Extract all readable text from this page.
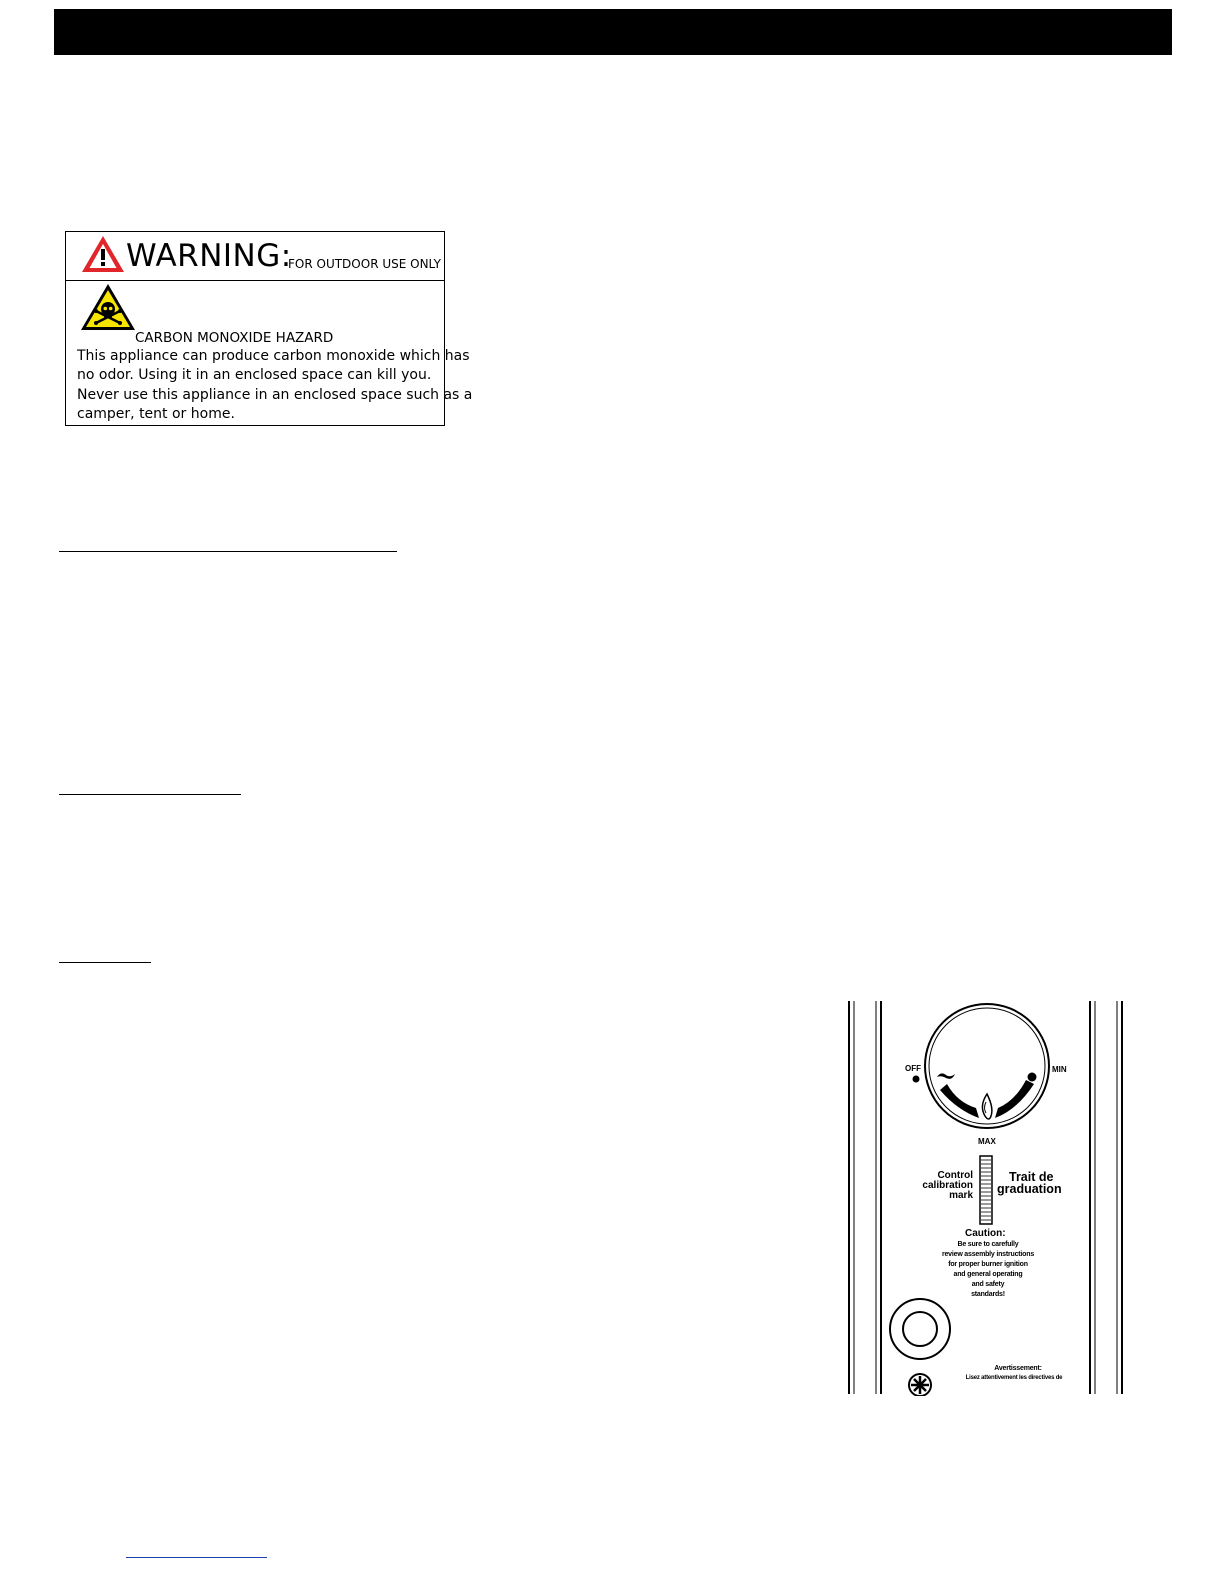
WARNING:
FOR OUTDOOR USE ONLY
CARBON MONOXIDE HAZARD
This appliance can produce carbon monoxide which has
no odor. Using it in an enclosed space can kill you.
Never use this appliance in an enclosed space such as a
camper, tent or home.
OFF	MIN
MAX
Control
calibration
mark
Trait de
graduation
Caution:
Be sure to carefully
review assembly instructions
for proper burner ignition
and general operating
and safety
standards!
Avertissement:
Lisez attentivement les directives de
